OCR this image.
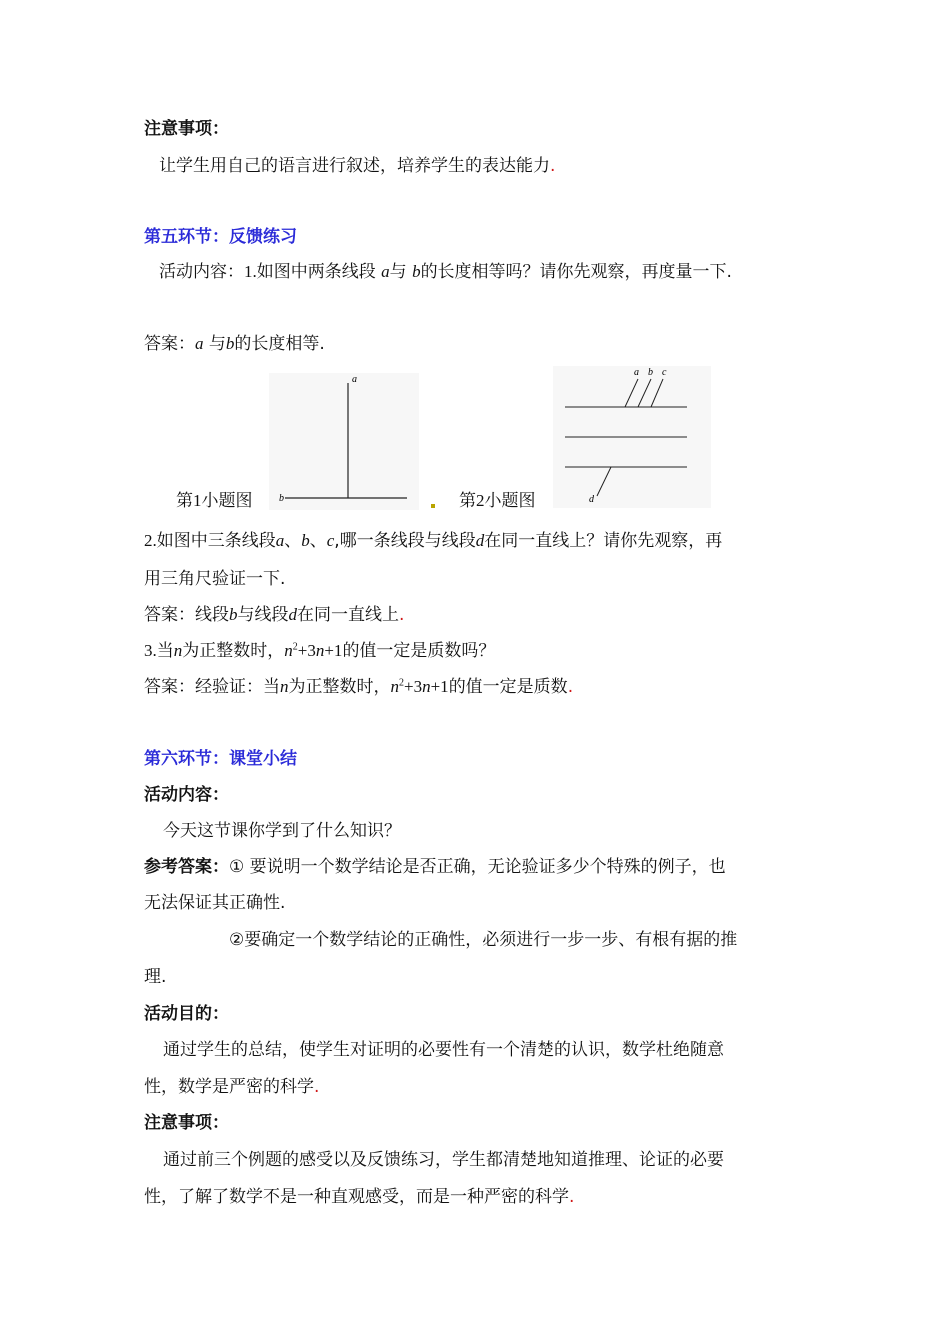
注意事项：
让学生用自己的语言进行叙述，培养学生的表达能力.
第五环节：反馈练习
活动内容：1.如图中两条线段 a与 b的长度相等吗？请你先观察，再度量一下.
答案：a 与b的长度相等.
第1小题图
a
b	第2小题图
a b c
d
2.如图中三条线段a、b、c,哪一条线段与线段d在同一直线上？请你先观察，再
用三角尺验证一下.
答案：线段b与线段d在同一直线上.
3.当n为正整数时，$n^2+3n+1$的值一定是质数吗？
答案：经验证：当n为正整数时，$n^2+3n+1$的值一定是质数.
第六环节：课堂小结
活动内容：
今天这节课你学到了什么知识？
参考答案：① 要说明一个数学结论是否正确，无论验证多少个特殊的例子，也
无法保证其正确性.
②要确定一个数学结论的正确性，必须进行一步一步、有根有据的推
理.
活动目的：
通过学生的总结，使学生对证明的必要性有一个清楚的认识，数学杜绝随意
性，数学是严密的科学.
注意事项：
通过前三个例题的感受以及反馈练习，学生都清楚地知道推理、论证的必要
性，了解了数学不是一种直观感受，而是一种严密的科学.
